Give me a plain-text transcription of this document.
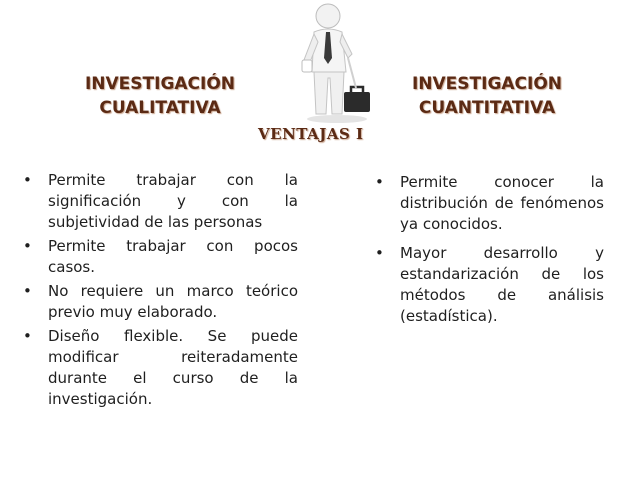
INVESTIGACIÓN
CUALITATIVA
INVESTIGACIÓN
CUANTITATIVA
VENTAJAS I
• Permite trabajar con la significación y con la subjetividad de las personas
• Permite trabajar con pocos casos.
• No requiere un marco teórico previo muy elaborado.
• Diseño flexible. Se puede modificar reiteradamente durante el curso de la investigación.
• Permite conocer la distribución de fenómenos ya conocidos.
• Mayor desarrollo y estandarización de los métodos de análisis (estadística).
